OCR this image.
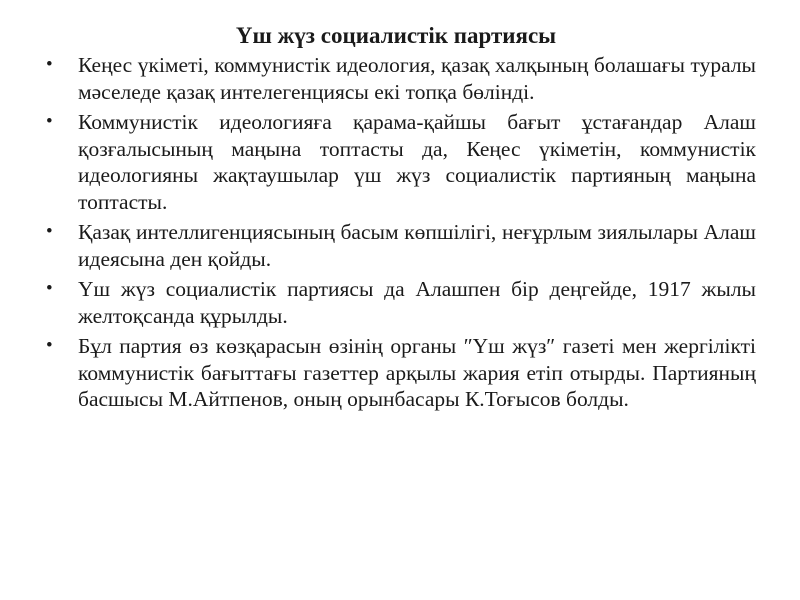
Үш жүз социалистік партиясы
• Кеңес үкіметі, коммунистік идеология, қазақ халқының болашағы туралы мәселеде қазақ интелегенциясы екі топқа бөлінді.
• Коммунистік идеологияға қарама-қайшы бағыт ұстағандар Алаш қозғалысының маңына топтасты да, Кеңес үкіметін, коммунистік идеологияны жақтаушылар үш жүз социалистік партияның маңына топтасты.
• Қазақ интеллигенциясының басым көпшілігі, неғұрлым зиялылары Алаш идеясына ден қойды.
• Үш жүз социалистік партиясы да Алашпен бір деңгейде, 1917 жылы желтоқсанда құрылды.
• Бұл партия өз көзқарасын өзінің органы ″Үш жүз″ газеті мен жергілікті коммунистік бағыттағы газеттер арқылы жария етіп отырды. Партияның басшысы М.Айтпенов, оның орынбасары К.Тоғысов болды.
